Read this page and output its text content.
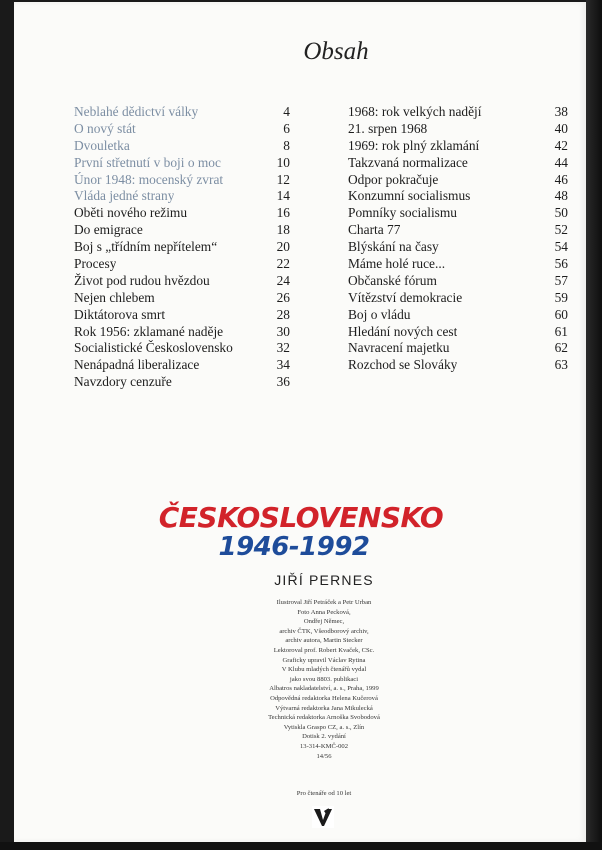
Obsah
Neblahé dědictví války	4
O nový stát	6
Dvouletka	8
První střetnutí v boji o moc	10
Únor 1948: mocenský zvrat	12
Vláda jedné strany	14
Oběti nového režimu	16
Do emigrace	18
Boj s „třídním nepřítelem“	20
Procesy	22
Život pod rudou hvězdou	24
Nejen chlebem	26
Diktátorova smrt	28
Rok 1956: zklamané naděje	30
Socialistické Československo	32
Nenápadná liberalizace	34
Navzdory cenzuře	36
1968: rok velkých nadějí	38
21. srpen 1968	40
1969: rok plný zklamání	42
Takzvaná normalizace	44
Odpor pokračuje	46
Konzumní socialismus	48
Pomníky socialismu	50
Charta 77	52
Blýskání na časy	54
Máme holé ruce...	56
Občanské fórum	57
Vítězství demokracie	59
Boj o vládu	60
Hledání nových cest	61
Navracení majetku	62
Rozchod se Slováky	63
ČESKOSLOVENSKO
1946-1992
JIŘÍ PERNES
Ilustroval Jiří Petráček a Petr Urban
Foto Anna Pecková,
Ondřej Němec,
archiv ČTK, Všeodborový archiv,
archiv autora, Martin Stecker
Lektoroval prof. Robert Kvaček, CSc.
Graficky upravil Václav Rytina
V Klubu mladých čtenářů vydal
jako svou 8803. publikaci
Albatros nakladatelství, a. s., Praha, 1999
Odpovědná redaktorka Helena Kučerová
Výtvarná redaktorka Jana Mikulecká
Technická redaktorka Arnoška Svobodová
Vytiskla Graspo CZ, a. s., Zlín
Dotisk 2. vydání
13-314-KMČ-002
14/56
Pro čtenáře od 10 let
